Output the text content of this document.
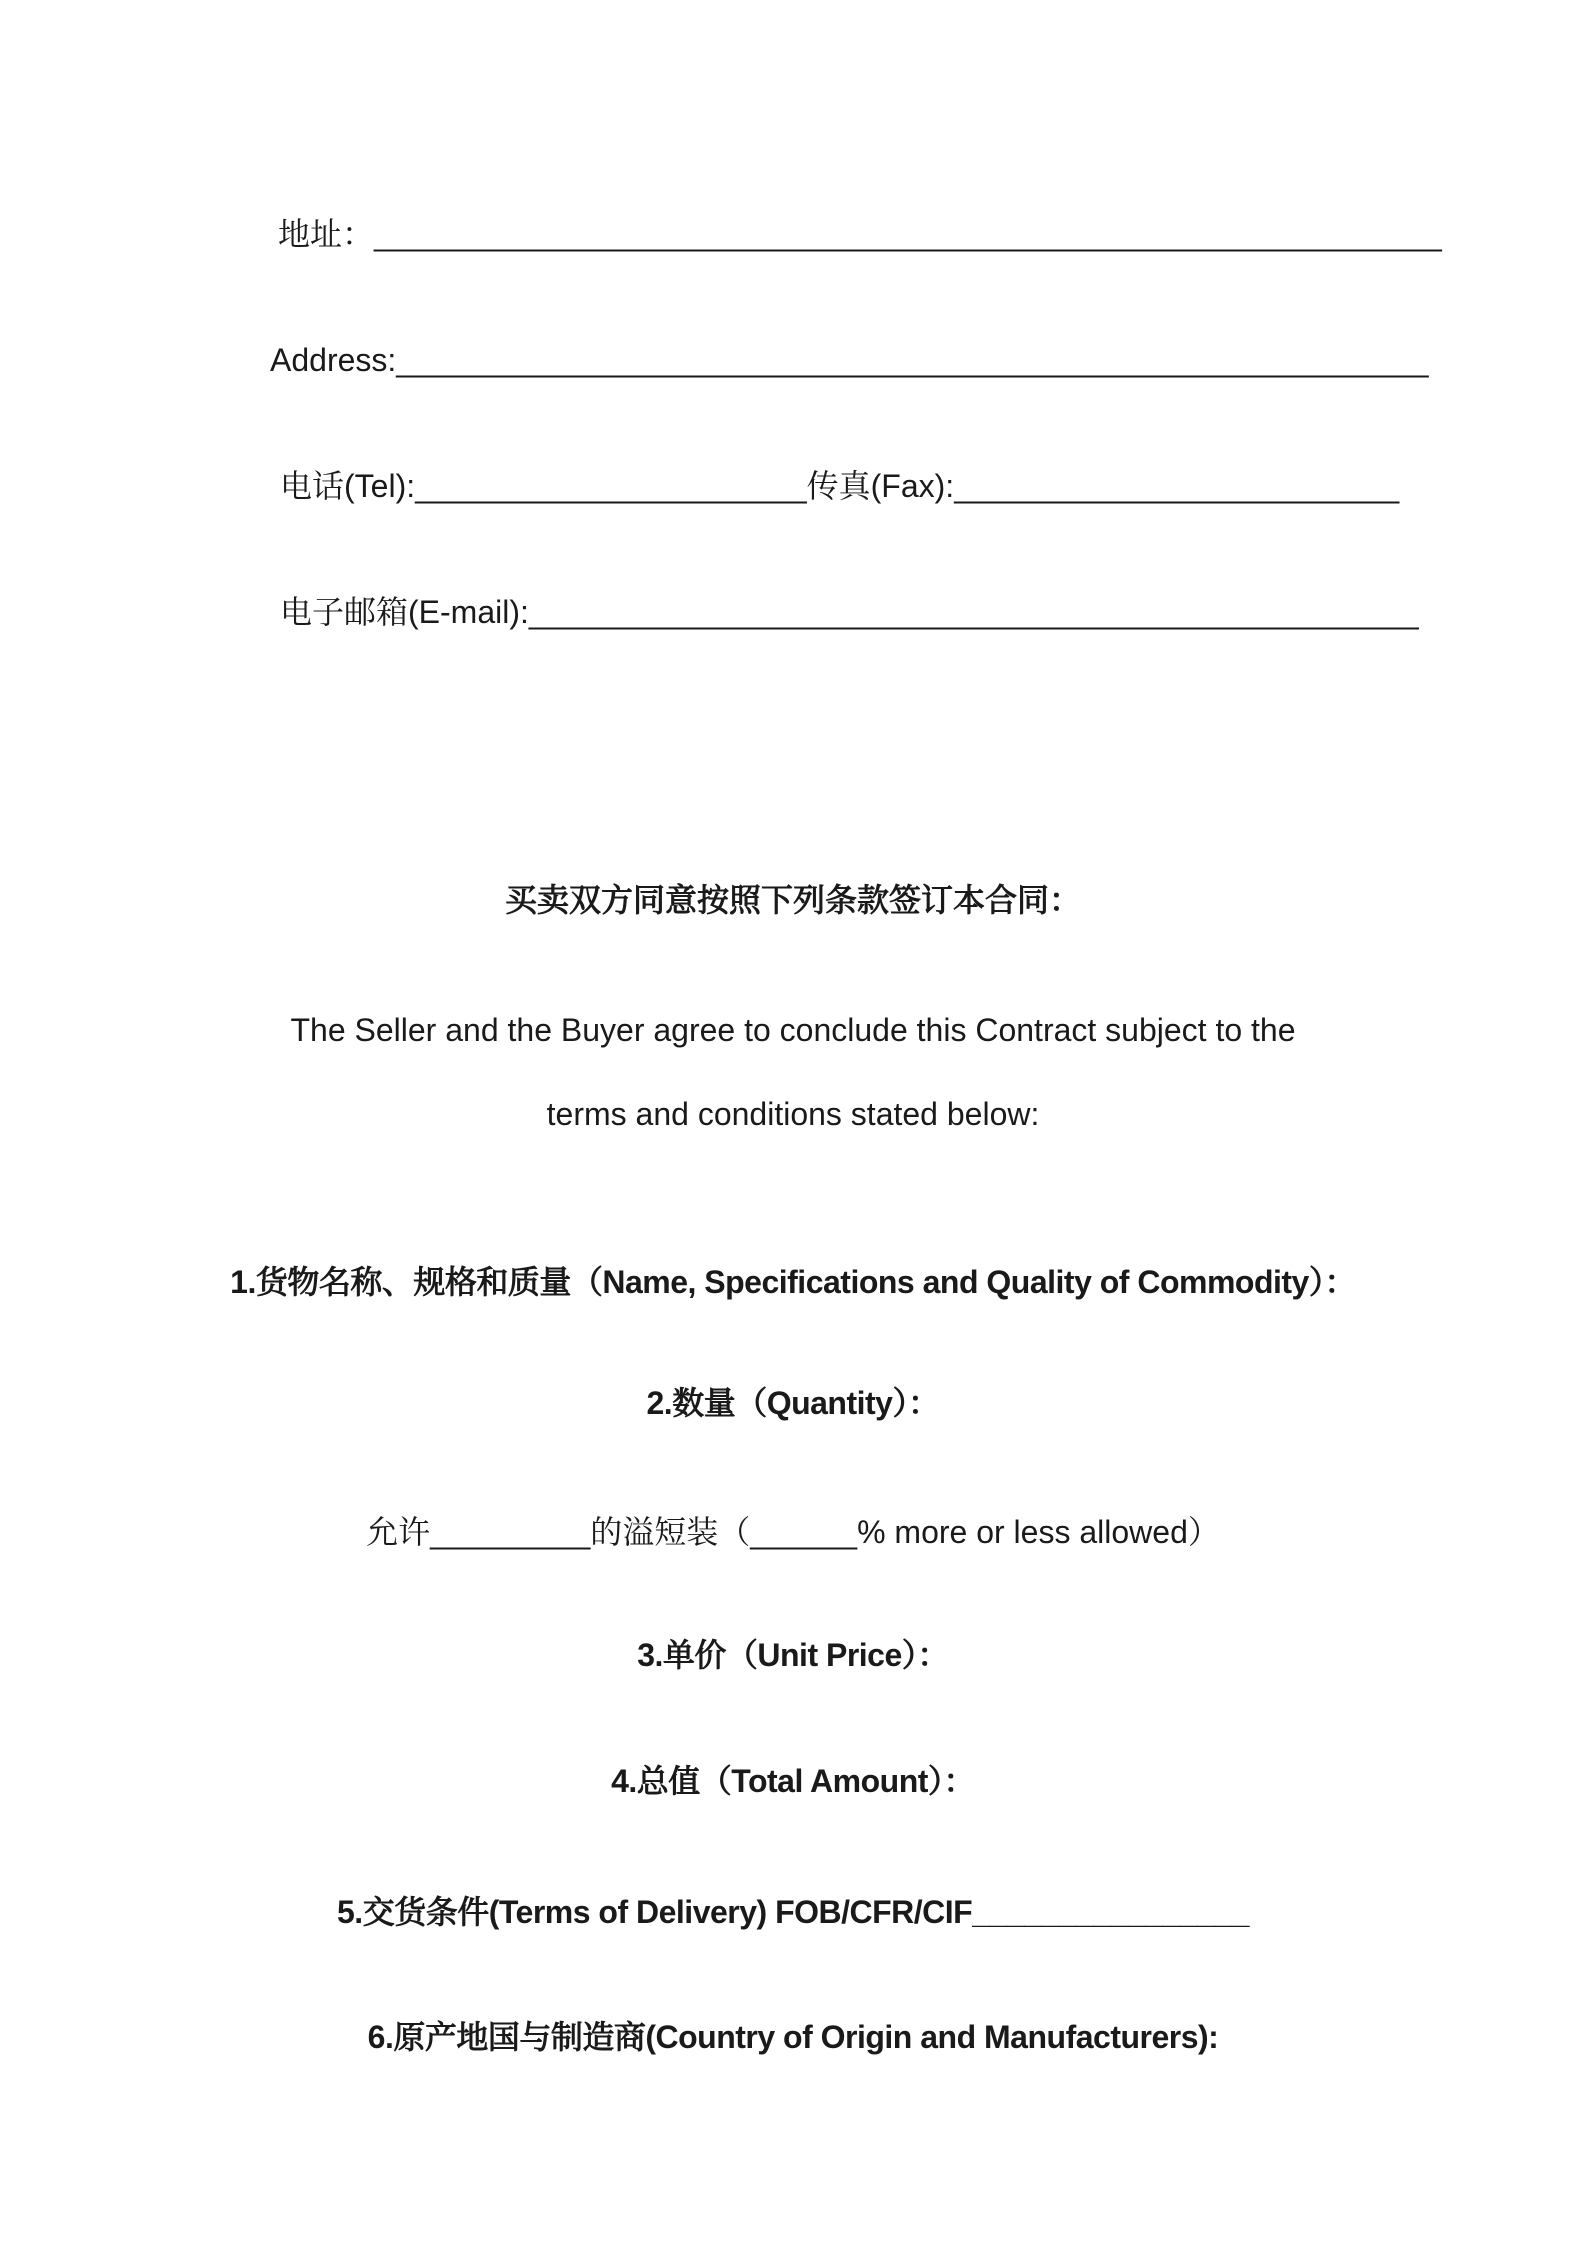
地址：____________________________________________________________
Address:__________________________________________________________
电话(Tel):______________________传真(Fax):_________________________
电子邮箱(E-mail):__________________________________________________
买卖双方同意按照下列条款签订本合同：
The Seller and the Buyer agree to conclude this Contract subject to the
terms and conditions stated below:
1.货物名称、规格和质量（Name, Specifications and Quality of Commodity）：
2.数量（Quantity）：
允许_________的溢短装（______% more or less allowed）
3.单价（Unit Price）：
4.总值（Total Amount）：
5.交货条件(Terms of Delivery) FOB/CFR/CIF________________
6.原产地国与制造商(Country of Origin and Manufacturers):
